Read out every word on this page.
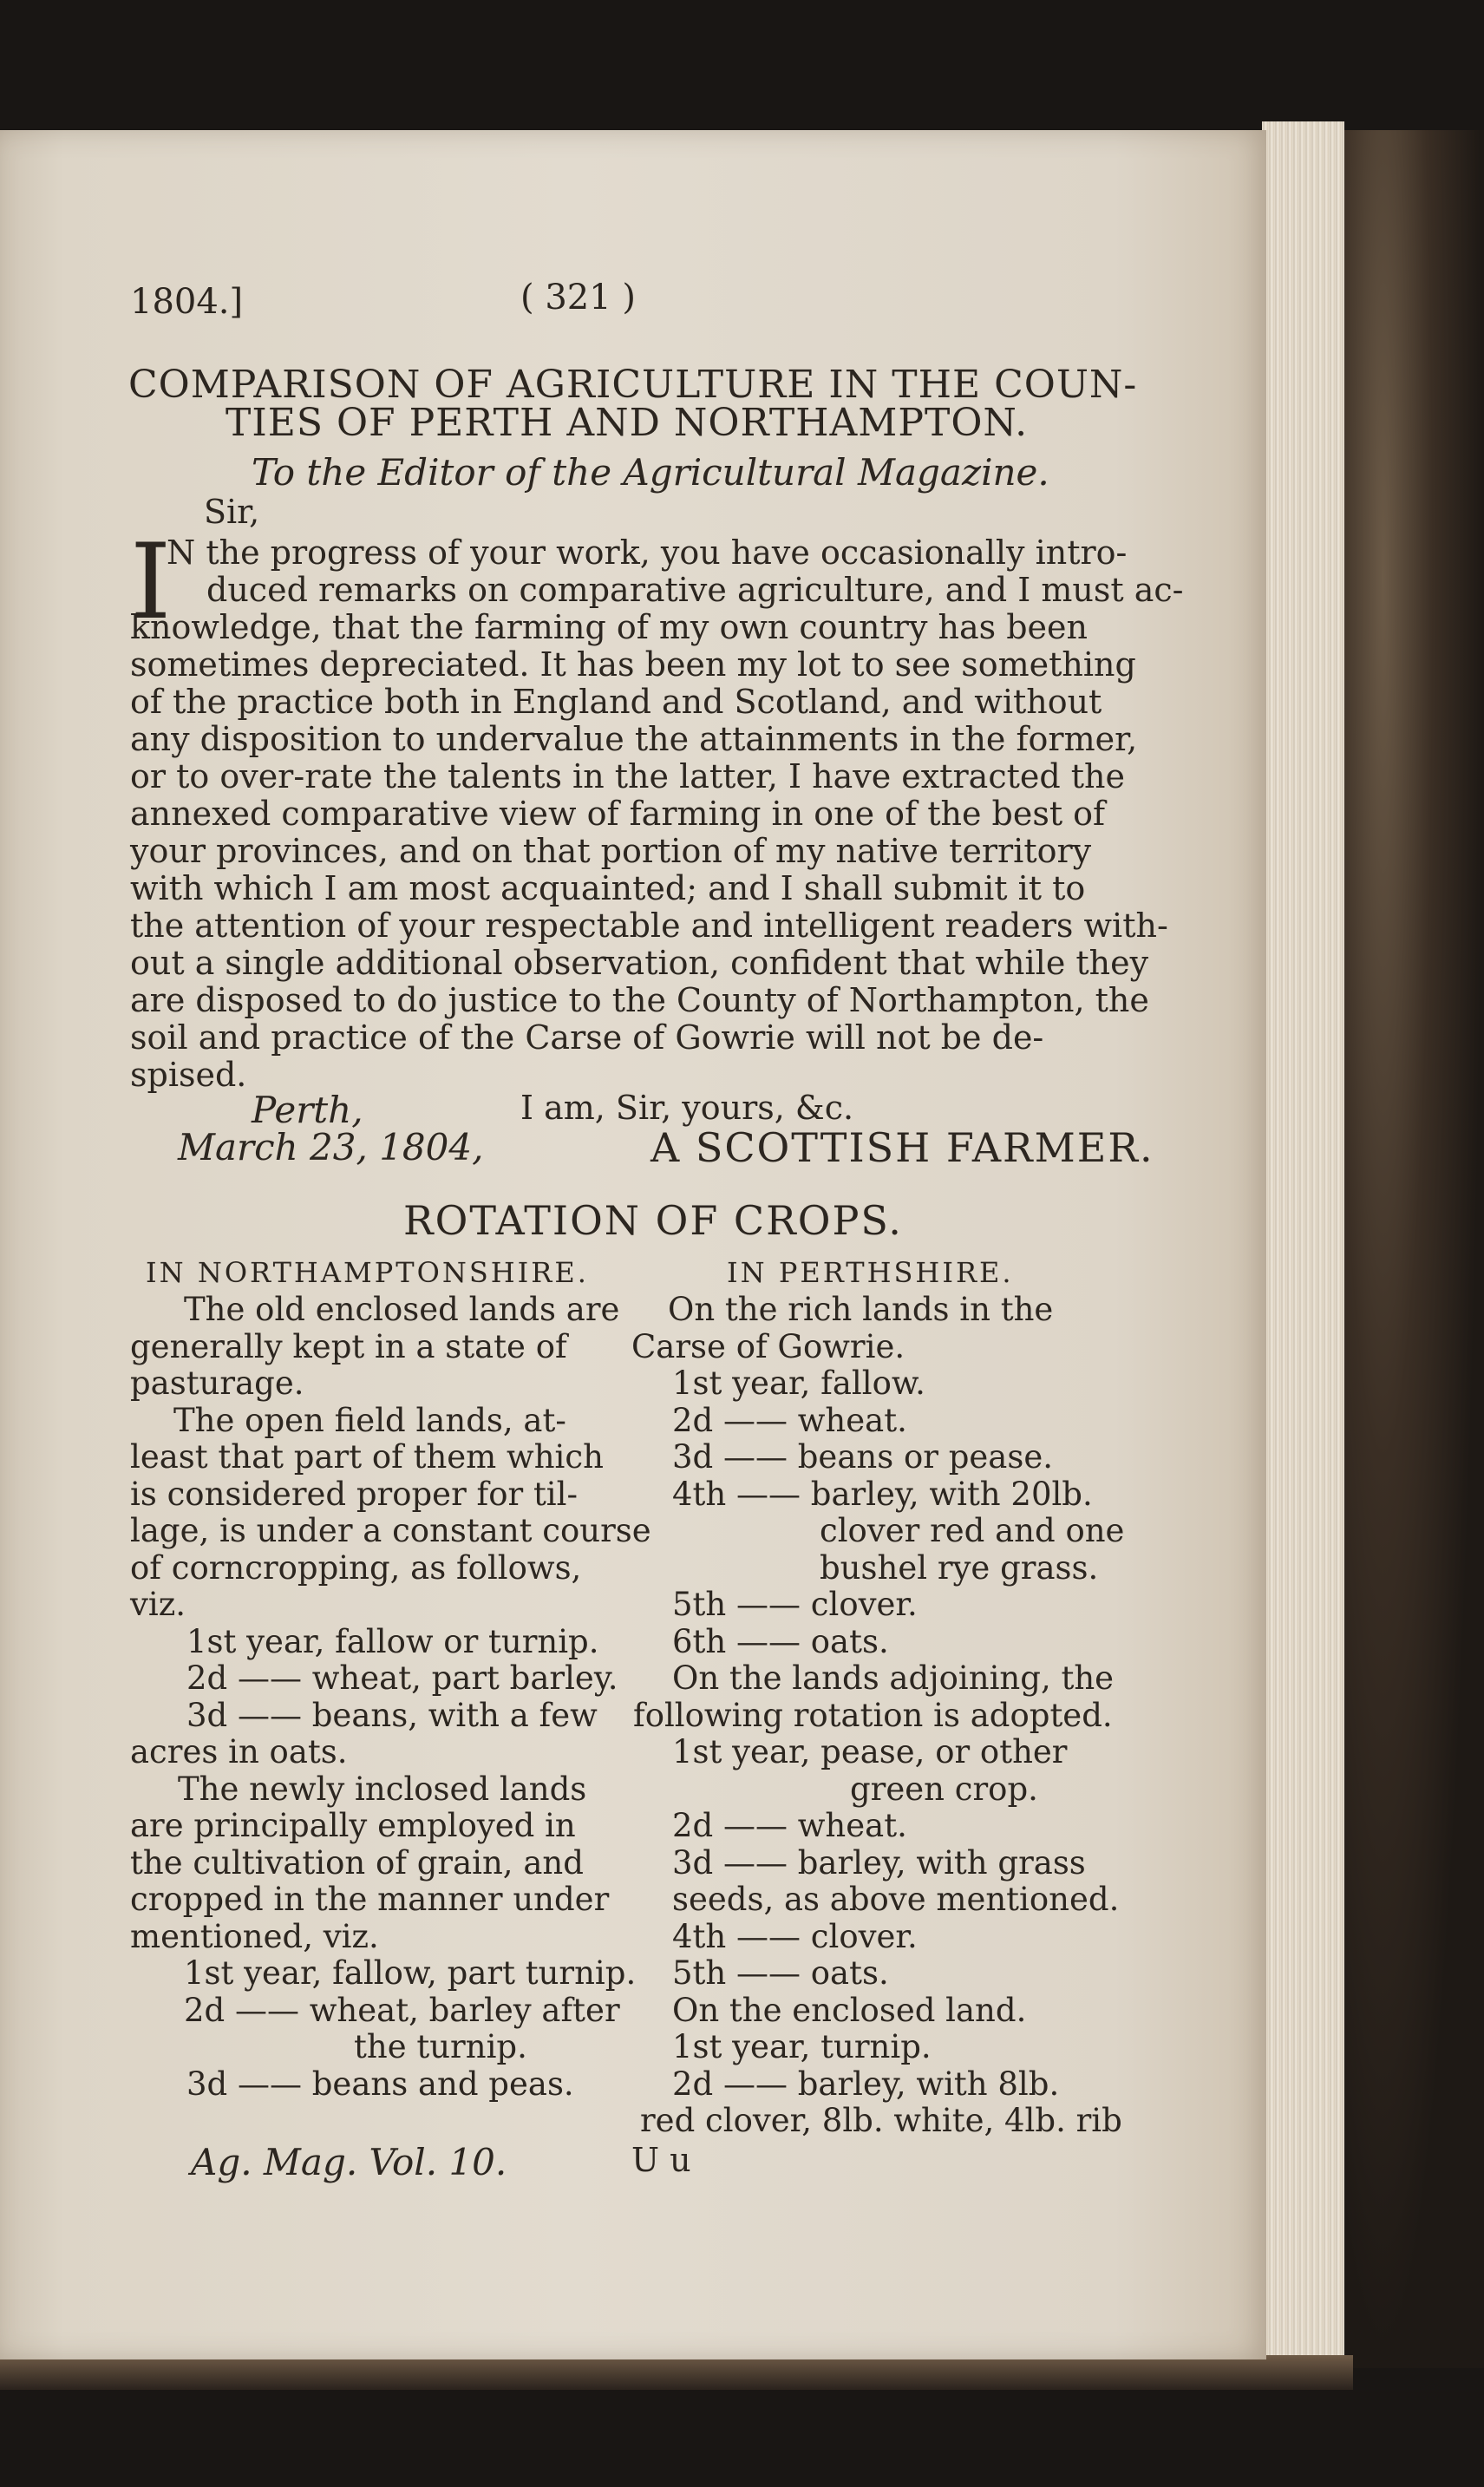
1804.]	( 321 )
COMPARISON OF AGRICULTURE IN THE COUN-
TIES OF PERTH AND NORTHAMPTON.
To the Editor of the Agricultural Magazine.
Sir,
I
N the progress of your work, you have occasionally intro-
duced remarks on comparative agriculture, and I must ac-
knowledge, that the farming of my own country has been
sometimes depreciated. It has been my lot to see something
of the practice both in England and Scotland, and without
any disposition to undervalue the attainments in the former,
or to over-rate the talents in the latter, I have extracted the
annexed comparative view of farming in one of the best of
your provinces, and on that portion of my native territory
with which I am most acquainted; and I shall submit it to
the attention of your respectable and intelligent readers with-
out a single additional observation, confident that while they
are disposed to do justice to the County of Northampton, the
soil and practice of the Carse of Gowrie will not be de-
spised.
Perth,	I am, Sir, yours, &c.
March 23, 1804,	A SCOTTISH FARMER.
ROTATION OF CROPS.
IN NORTHAMPTONSHIRE.	IN PERTHSHIRE.
The old enclosed lands are
generally kept in a state of
pasturage.
The open field lands, at-
least that part of them which
is considered proper for til-
lage, is under a constant course
of corncropping, as follows,
viz.
1st year, fallow or turnip.
2d —— wheat, part barley.
3d —— beans, with a few
acres in oats.
The newly inclosed lands
are principally employed in
the cultivation of grain, and
cropped in the manner under
mentioned, viz.
1st year, fallow, part turnip.
2d —— wheat, barley after
the turnip.
3d —— beans and peas.
On the rich lands in the
Carse of Gowrie.
1st year, fallow.
2d —— wheat.
3d —— beans or pease.
4th —— barley, with 20lb.
clover red and one
bushel rye grass.
5th —— clover.
6th —— oats.
On the lands adjoining, the
following rotation is adopted.
1st year, pease, or other
green crop.
2d —— wheat.
3d —— barley, with grass
seeds, as above mentioned.
4th —— clover.
5th —— oats.
On the enclosed land.
1st year, turnip.
2d —— barley, with 8lb.
red clover, 8lb. white, 4lb. rib
Ag. Mag. Vol. 10.	U u
